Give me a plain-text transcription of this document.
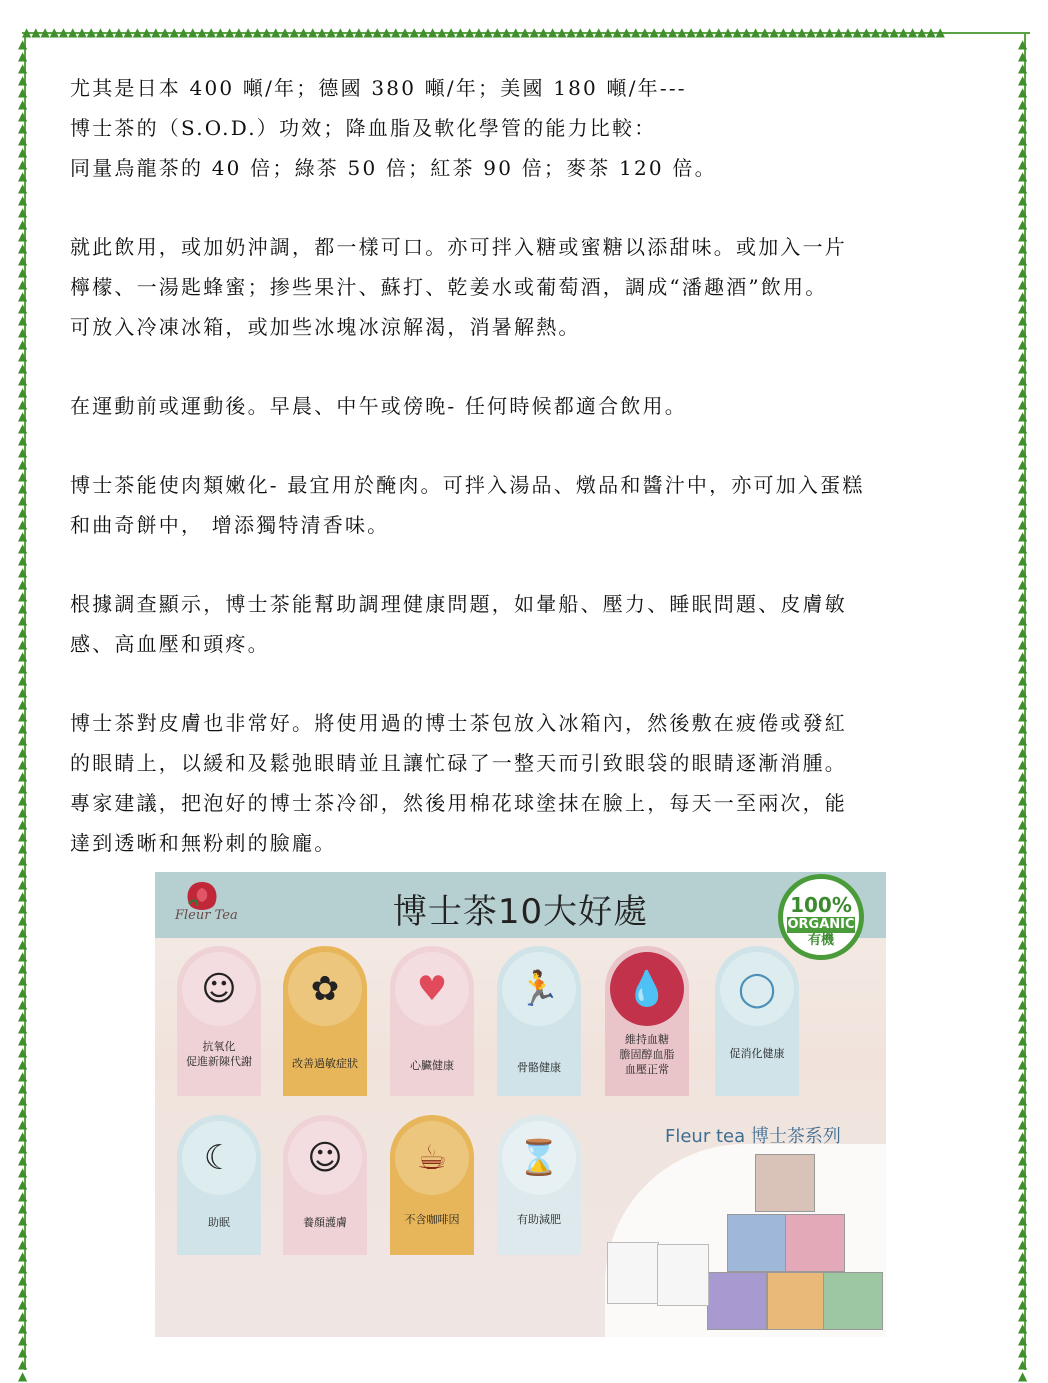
▲▲▲▲▲▲▲▲▲▲▲▲▲▲▲▲▲▲▲▲▲▲▲▲▲▲▲▲▲▲▲▲▲▲▲▲▲▲▲▲▲▲▲▲▲▲▲▲▲▲▲▲▲▲▲▲▲▲▲▲▲▲▲▲▲▲▲▲▲▲▲▲▲▲▲▲▲▲▲▲▲▲▲▲▲▲▲▲▲▲▲▲▲▲▲▲▲▲▲▲
▲
▲
▲
▲
▲
▲
▲
▲
▲
▲
▲
▲
▲
▲
▲
▲
▲
▲
▲
▲
▲
▲
▲
▲
▲
▲
▲
▲
▲
▲
▲
▲
▲
▲
▲
▲
▲
▲
▲
▲
▲
▲
▲
▲
▲
▲
▲
▲
▲
▲
▲
▲
▲
▲
▲
▲
▲
▲
▲
▲
▲
▲
▲
▲
▲
▲
▲
▲
▲
▲
▲
▲
▲
▲
▲
▲
▲
▲
▲
▲
▲
▲
▲
▲
▲
▲
▲
▲
▲
▲
▲
▲
▲
▲
▲
▲
▲
▲
▲
▲
▲
▲
▲
▲
▲
▲
▲
▲
▲
▲
▲
▲
▲
▲
▲
▲
▲
▲
▲
▲
▲
▲
▲
▲
▲
▲
▲
▲
▲
▲
▲
▲
▲
▲
▲
▲
▲
▲
▲
▲
▲
▲
▲
▲
▲
▲
▲
▲
▲
▲
▲
▲
▲
▲
▲
▲
▲
▲
▲
▲
▲
▲
▲
▲
▲
▲
▲
▲
▲
▲
▲
▲
▲
▲
▲
▲
▲
▲
▲
▲
▲
▲
▲
▲
▲
▲
▲
▲
▲
▲
▲
▲
▲
▲
▲
▲
▲
▲
▲
▲
▲
▲
▲
▲
▲
▲
▲
▲
▲
▲
▲
▲
▲
▲
▲
▲
▲
▲
▲
▲
▲
▲
▲
▲

尤其是日本 400 噸/年；德國 380 噸/年；美國 180 噸/年---
博士茶的（S.O.D.）功效；降血脂及軟化學管的能力比較：
同量烏龍茶的 40 倍；綠茶 50 倍；紅茶 90 倍；麥茶 120 倍。

就此飲用，或加奶沖調，都一樣可口。亦可拌入糖或蜜糖以添甜味。或加入一片
檸檬、一湯匙蜂蜜；掺些果汁、蘇打、乾姜水或葡萄酒，調成“潘趣酒”飲用。
可放入冷凍冰箱，或加些冰塊冰涼解渴，消暑解熱。

在運動前或運動後。早晨、中午或傍晚- 任何時候都適合飲用。

博士茶能使肉類嫩化- 最宜用於醃肉。可拌入湯品、燉品和醬汁中，亦可加入蛋糕
和曲奇餅中， 增添獨特清香味。

根據調查顯示，博士茶能幫助調理健康問題，如暈船、壓力、睡眠問題、皮膚敏
感、高血壓和頭疼。

博士茶對皮膚也非常好。將使用過的博士茶包放入冰箱內，然後敷在疲倦或發紅
的眼睛上，以緩和及鬆弛眼睛並且讓忙碌了一整天而引致眼袋的眼睛逐漸消腫。
專家建議，把泡好的博士茶冷卻，然後用棉花球塗抹在臉上，每天一至兩次，能
達到透晰和無粉刺的臉龐。

Fleur Tea	博士茶10大好處	100%
ORGANIC
有機
☺
抗氧化
促進新陳代謝
✿
改善過敏症狀
♥
心臟健康
🏃
骨骼健康
💧
維持血糖
膽固醇血脂
血壓正常
◯
促消化健康
☾
助眠
☺
養顏護膚
☕
不含咖啡因
⌛
有助減肥
Fleur tea 博士茶系列
